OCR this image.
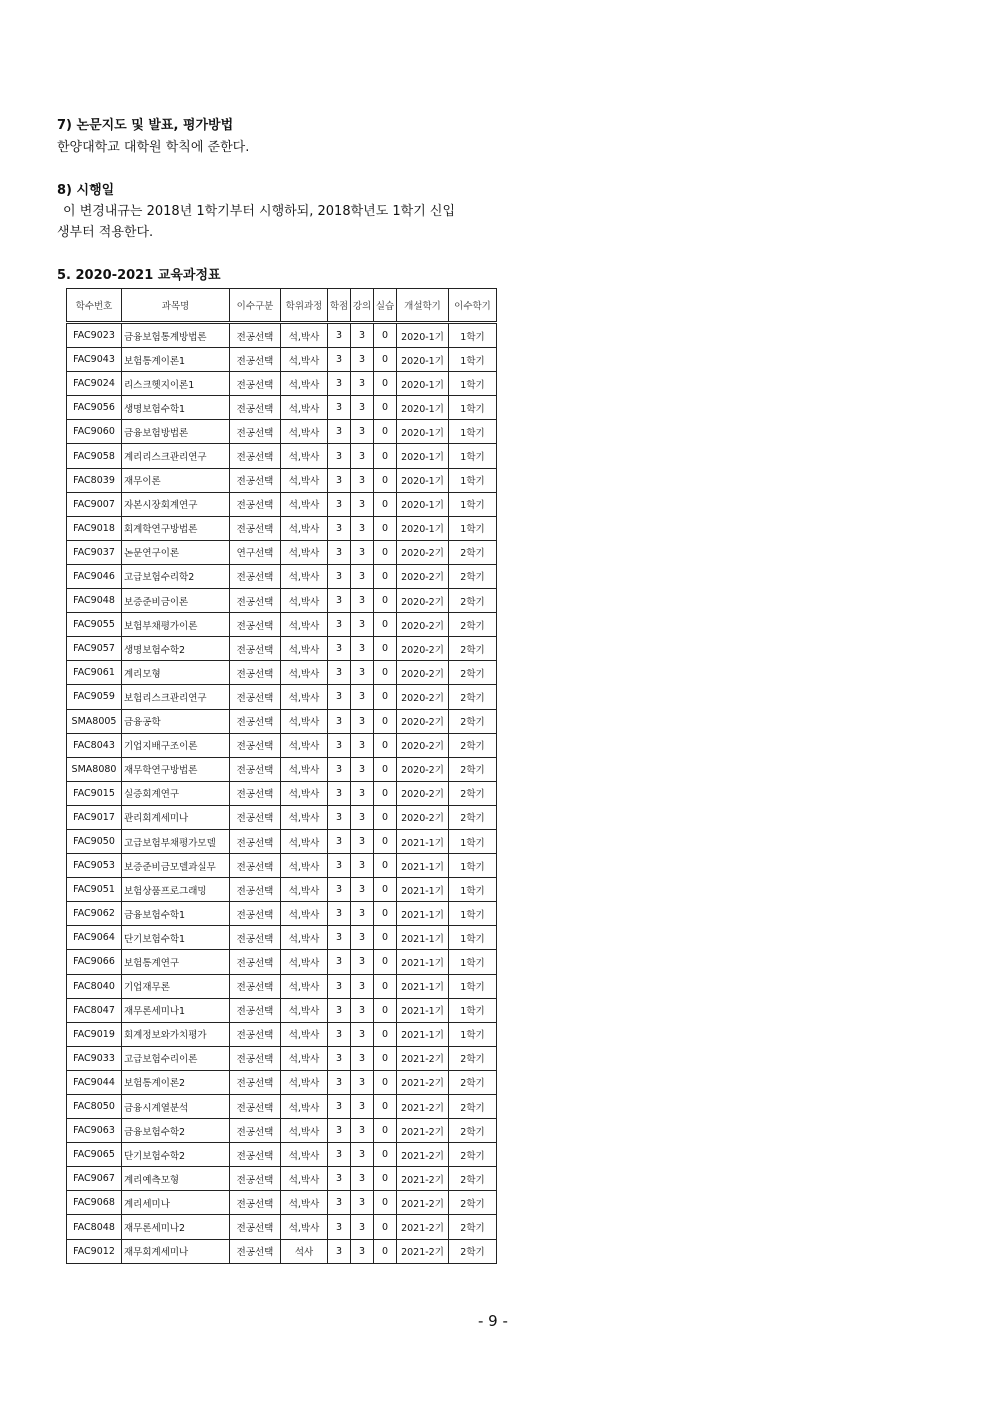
7) 논문지도 및 발표, 평가방법
한양대학교 대학원 학칙에 준한다.
8) 시행일
이 변경내규는 2018년 1학기부터 시행하되, 2018학년도 1학기 신입
생부터 적용한다.
5. 2020-2021 교육과정표
학수번호	과목명	이수구분	학위과정	학점	강의	실습	개설학기	이수학기
FAC9023	금융보험통계방법론	전공선택	석,박사	3	3	0	2020-1기	1학기
FAC9043	보험통계이론1	전공선택	석,박사	3	3	0	2020-1기	1학기
FAC9024	리스크헷지이론1	전공선택	석,박사	3	3	0	2020-1기	1학기
FAC9056	생명보험수학1	전공선택	석,박사	3	3	0	2020-1기	1학기
FAC9060	금융보험방법론	전공선택	석,박사	3	3	0	2020-1기	1학기
FAC9058	계리리스크관리연구	전공선택	석,박사	3	3	0	2020-1기	1학기
FAC8039	재무이론	전공선택	석,박사	3	3	0	2020-1기	1학기
FAC9007	자본시장회계연구	전공선택	석,박사	3	3	0	2020-1기	1학기
FAC9018	회계학연구방법론	전공선택	석,박사	3	3	0	2020-1기	1학기
FAC9037	논문연구이론	연구선택	석,박사	3	3	0	2020-2기	2학기
FAC9046	고급보험수리학2	전공선택	석,박사	3	3	0	2020-2기	2학기
FAC9048	보증준비금이론	전공선택	석,박사	3	3	0	2020-2기	2학기
FAC9055	보험부채평가이론	전공선택	석,박사	3	3	0	2020-2기	2학기
FAC9057	생명보험수학2	전공선택	석,박사	3	3	0	2020-2기	2학기
FAC9061	계리모형	전공선택	석,박사	3	3	0	2020-2기	2학기
FAC9059	보험리스크관리연구	전공선택	석,박사	3	3	0	2020-2기	2학기
SMA8005	금융공학	전공선택	석,박사	3	3	0	2020-2기	2학기
FAC8043	기업지배구조이론	전공선택	석,박사	3	3	0	2020-2기	2학기
SMA8080	재무학연구방법론	전공선택	석,박사	3	3	0	2020-2기	2학기
FAC9015	실증회계연구	전공선택	석,박사	3	3	0	2020-2기	2학기
FAC9017	관리회계세미나	전공선택	석,박사	3	3	0	2020-2기	2학기
FAC9050	고급보험부채평가모델	전공선택	석,박사	3	3	0	2021-1기	1학기
FAC9053	보증준비금모델과실무	전공선택	석,박사	3	3	0	2021-1기	1학기
FAC9051	보험상품프로그래밍	전공선택	석,박사	3	3	0	2021-1기	1학기
FAC9062	금융보험수학1	전공선택	석,박사	3	3	0	2021-1기	1학기
FAC9064	단기보험수학1	전공선택	석,박사	3	3	0	2021-1기	1학기
FAC9066	보험통계연구	전공선택	석,박사	3	3	0	2021-1기	1학기
FAC8040	기업재무론	전공선택	석,박사	3	3	0	2021-1기	1학기
FAC8047	재무론세미나1	전공선택	석,박사	3	3	0	2021-1기	1학기
FAC9019	회계정보와가치평가	전공선택	석,박사	3	3	0	2021-1기	1학기
FAC9033	고급보험수리이론	전공선택	석,박사	3	3	0	2021-2기	2학기
FAC9044	보험통계이론2	전공선택	석,박사	3	3	0	2021-2기	2학기
FAC8050	금융시계열분석	전공선택	석,박사	3	3	0	2021-2기	2학기
FAC9063	금융보험수학2	전공선택	석,박사	3	3	0	2021-2기	2학기
FAC9065	단기보험수학2	전공선택	석,박사	3	3	0	2021-2기	2학기
FAC9067	계리예측모형	전공선택	석,박사	3	3	0	2021-2기	2학기
FAC9068	계리세미나	전공선택	석,박사	3	3	0	2021-2기	2학기
FAC8048	재무론세미나2	전공선택	석,박사	3	3	0	2021-2기	2학기
FAC9012	재무회계세미나	전공선택	석사	3	3	0	2021-2기	2학기
- 9 -
